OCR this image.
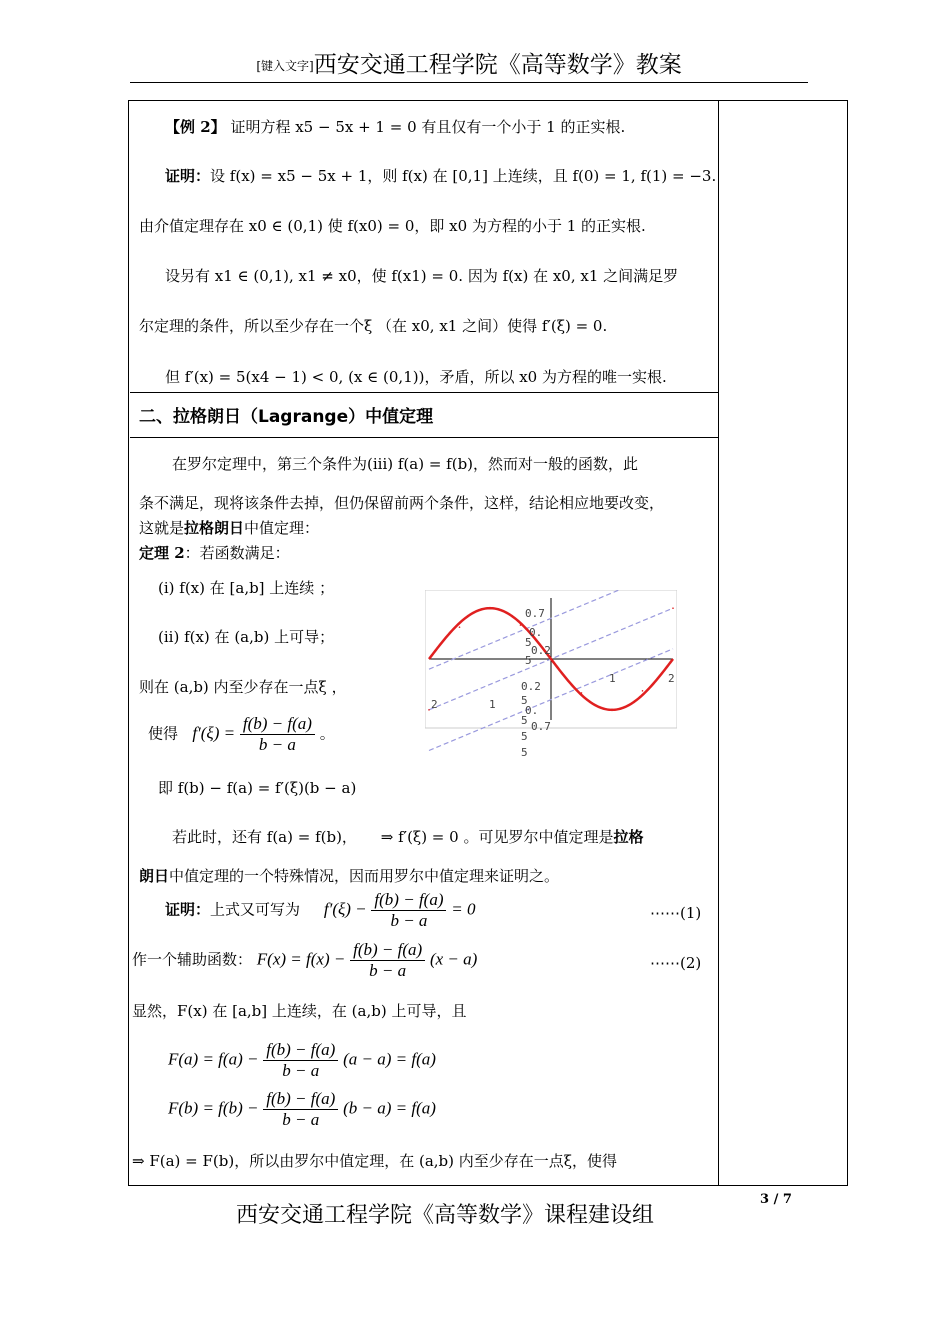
[键入文字]西安交通工程学院《高等数学》教案
【例 2】 证明方程 x5 − 5x + 1 = 0 有且仅有一个小于 1 的正实根.
证明：设 f(x) = x5 − 5x + 1，则 f(x) 在 [0,1] 上连续，且 f(0) = 1, f(1) = −3.
由介值定理存在 x0 ∈ (0,1) 使 f(x0) = 0，即 x0 为方程的小于 1 的正实根.
设另有 x1 ∈ (0,1), x1 ≠ x0，使 f(x1) = 0. 因为 f(x) 在 x0, x1 之间满足罗
尔定理的条件，所以至少存在一个ξ （在 x0, x1 之间）使得 f′(ξ) = 0.
但 f′(x) = 5(x4 − 1) < 0, (x ∈ (0,1))，矛盾，所以 x0 为方程的唯一实根.
二、拉格朗日（Lagrange）中值定理
在罗尔定理中，第三个条件为(iii) f(a) = f(b)，然而对一般的函数，此
条不满足，现将该条件去掉，但仍保留前两个条件，这样，结论相应地要改变，
这就是拉格朗日中值定理：
定理 2：若函数满足：
(i) f(x) 在 [a,b] 上连续 ；
(ii) f(x) 在 (a,b) 上可导；
则在 (a,b) 内至少存在一点ξ ，
使得 $f'(\xi) = \frac{f(b) - f(a)}{b - a}$ 。
即 f(b) − f(a) = f′(ξ)(b − a)
2	1
1	2
0.7
0.
5
0.2
5
0.2
5
0.
5 0.7
5
5
若此时，还有 f(a) = f(b)， ⇒ f′(ξ) = 0 。可见罗尔中值定理是拉格
朗日中值定理的一个特殊情况，因而用罗尔中值定理来证明之。
证明：上式又可写为 $f'(\xi) - \frac{f(b) - f(a)}{b - a} = 0$	⋯⋯(1)
作一个辅助函数： $F(x) = f(x) - \frac{f(b) - f(a)}{b - a} (x - a)$	⋯⋯(2)
显然，F(x) 在 [a,b] 上连续，在 (a,b) 上可导，且
$F(a) = f(a) - \frac{f(b) - f(a)}{b - a} (a - a) = f(a)$
$F(b) = f(b) - \frac{f(b) - f(a)}{b - a} (b - a) = f(a)$
⇒ F(a) = F(b)，所以由罗尔中值定理，在 (a,b) 内至少存在一点ξ，使得
3 / 7
西安交通工程学院《高等数学》课程建设组
